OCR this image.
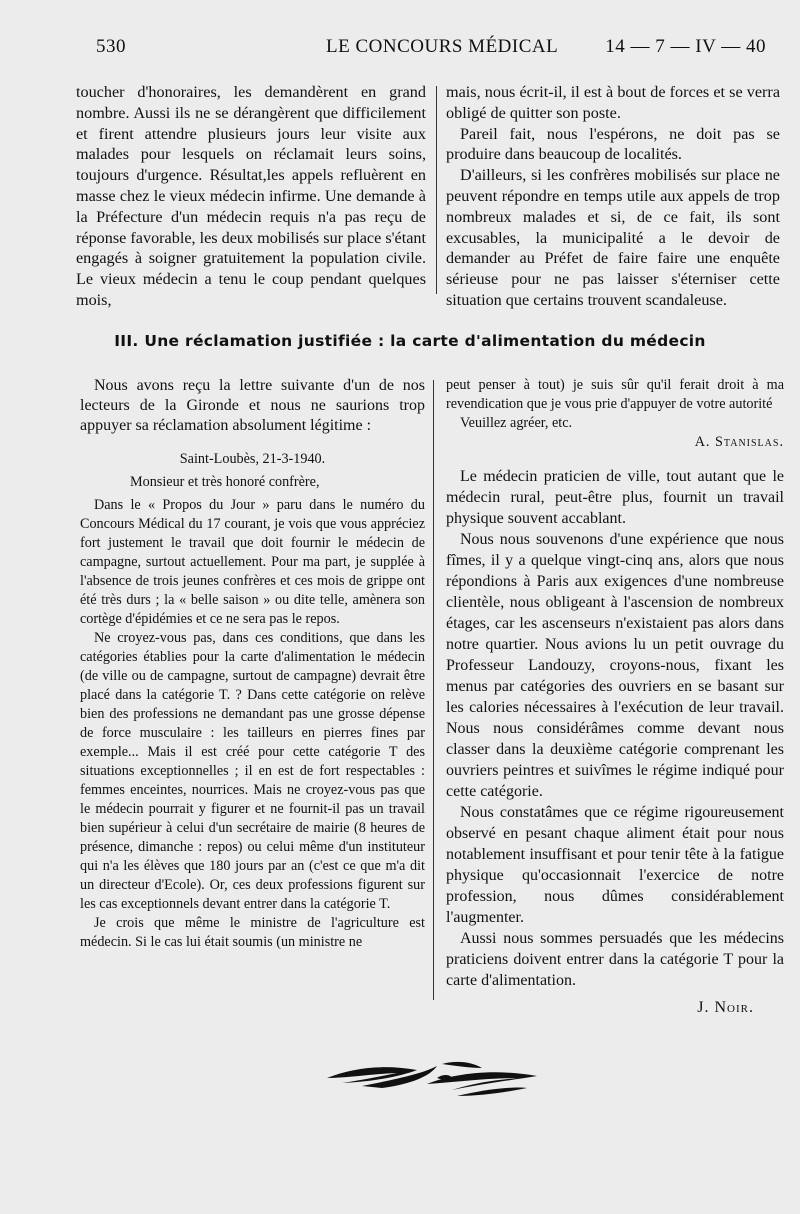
530	LE CONCOURS MÉDICAL 14 — 7 — IV — 40

toucher d'honoraires, les demandèrent en grand nombre. Aussi ils ne se dérangèrent que difficilement et firent attendre plusieurs jours leur visite aux malades pour lesquels on réclamait leurs soins, toujours d'urgence. Résultat,les appels refluèrent en masse chez le vieux médecin infirme. Une demande à la Préfecture d'un médecin requis n'a pas reçu de réponse favorable, les deux mobilisés sur place s'étant engagés à soigner gratuitement la population civile. Le vieux médecin a tenu le coup pendant quelques mois,

mais, nous écrit-il, il est à bout de forces et se verra obligé de quitter son poste.

Pareil fait, nous l'espérons, ne doit pas se produire dans beaucoup de localités.

D'ailleurs, si les confrères mobilisés sur place ne peuvent répondre en temps utile aux appels de trop nombreux malades et si, de ce fait, ils sont excusables, la municipalité a le devoir de demander au Préfet de faire faire une enquête sérieuse pour ne pas laisser s'éterniser cette situation que certains trouvent scandaleuse.

III. Une réclamation justifiée : la carte d'alimentation du médecin

Nous avons reçu la lettre suivante d'un de nos lecteurs de la Gironde et nous ne saurions trop appuyer sa réclamation absolument légitime :

Saint-Loubès, 21-3-1940.

Monsieur et très honoré confrère,

Dans le « Propos du Jour » paru dans le numéro du Concours Médical du 17 courant, je vois que vous appréciez fort justement le travail que doit fournir le médecin de campagne, surtout actuellement. Pour ma part, je supplée à l'absence de trois jeunes confrères et ces mois de grippe ont été très durs ; la « belle saison » ou dite telle, amènera son cortège d'épidémies et ce ne sera pas le repos.

Ne croyez-vous pas, dans ces conditions, que dans les catégories établies pour la carte d'alimentation le médecin (de ville ou de campagne, surtout de campagne) devrait être placé dans la catégorie T. ? Dans cette catégorie on relève bien des professions ne demandant pas une grosse dépense de force musculaire : les tailleurs en pierres fines par exemple... Mais il est créé pour cette catégorie T des situations exceptionnelles ; il en est de fort respectables : femmes enceintes, nourrices. Mais ne croyez-vous pas que le médecin pourrait y figurer et ne fournit-il pas un travail bien supérieur à celui d'un secrétaire de mairie (8 heures de présence, dimanche : repos) ou celui même d'un instituteur qui n'a les élèves que 180 jours par an (c'est ce que m'a dit un directeur d'Ecole). Or, ces deux professions figurent sur les cas exceptionnels devant entrer dans la catégorie T.

Je crois que même le ministre de l'agriculture est médecin. Si le cas lui était soumis (un ministre ne

peut penser à tout) je suis sûr qu'il ferait droit à ma revendication que je vous prie d'appuyer de votre autorité

Veuillez agréer, etc.

A. Stanislas.

Le médecin praticien de ville, tout autant que le médecin rural, peut-être plus, fournit un travail physique souvent accablant.

Nous nous souvenons d'une expérience que nous fîmes, il y a quelque vingt-cinq ans, alors que nous répondions à Paris aux exigences d'une nombreuse clientèle, nous obligeant à l'ascension de nombreux étages, car les ascenseurs n'existaient pas alors dans notre quartier. Nous avions lu un petit ouvrage du Professeur Landouzy, croyons-nous, fixant les menus par catégories des ouvriers en se basant sur les calories nécessaires à l'exécution de leur travail. Nous nous considérâmes comme devant nous classer dans la deuxième catégorie comprenant les ouvriers peintres et suivîmes le régime indiqué pour cette catégorie.

Nous constatâmes que ce régime rigoureusement observé en pesant chaque aliment était pour nous notablement insuffisant et pour tenir tête à la fatigue physique qu'occasionnait l'exercice de notre profession, nous dûmes considérablement l'augmenter.

Aussi nous sommes persuadés que les médecins praticiens doivent entrer dans la catégorie T pour la carte d'alimentation.

J. Noir.
